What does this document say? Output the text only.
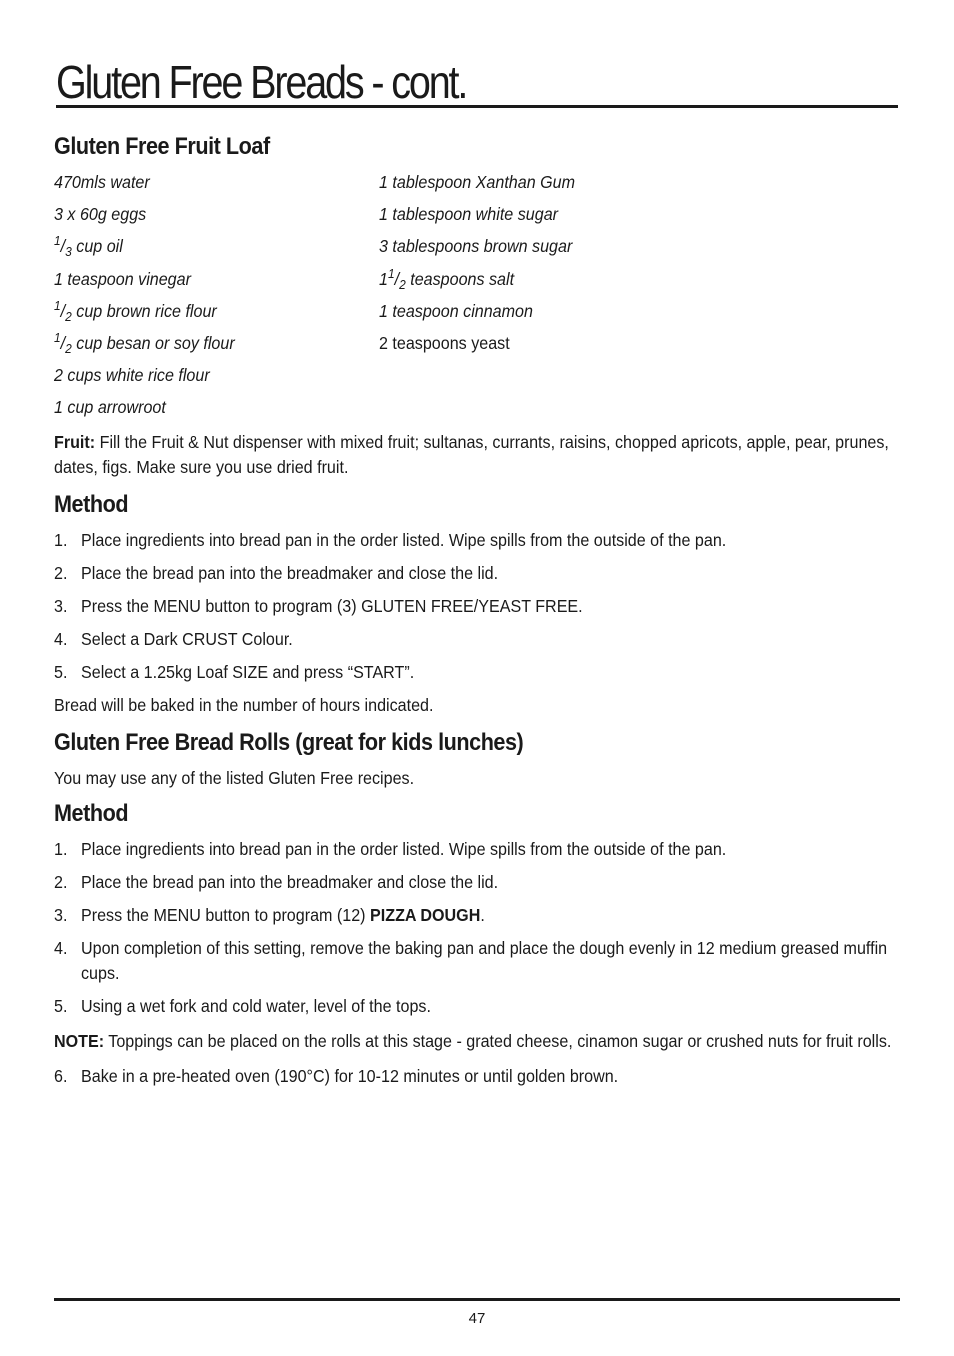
Gluten Free Breads - cont.
Gluten Free Fruit Loaf
470mls water
3 x 60g eggs
$^1/_3$ cup oil
1 teaspoon vinegar
$^1/_2$ cup brown rice flour
$^1/_2$ cup besan or soy flour
2 cups white rice flour
1 cup arrowroot
1 tablespoon Xanthan Gum
1 tablespoon white sugar
3 tablespoons brown sugar
$1^1/_2$ teaspoons salt
1 teaspoon cinnamon
2 teaspoons yeast
Fruit: Fill the Fruit & Nut dispenser with mixed fruit; sultanas, currants, raisins, chopped apricots, apple, pear, prunes, dates, figs. Make sure you use dried fruit.
Method
1. Place ingredients into bread pan in the order listed. Wipe spills from the outside of the pan.
2. Place the bread pan into the breadmaker and close the lid.
3. Press the MENU button to program (3) GLUTEN FREE/YEAST FREE.
4. Select a Dark CRUST Colour.
5. Select a 1.25kg Loaf SIZE and press “START”.
Bread will be baked in the number of hours indicated.
Gluten Free Bread Rolls (great for kids lunches)
You may use any of the listed Gluten Free recipes.
Method
1. Place ingredients into bread pan in the order listed. Wipe spills from the outside of the pan.
2. Place the bread pan into the breadmaker and close the lid.
3. Press the MENU button to program (12) PIZZA DOUGH.
4. Upon completion of this setting, remove the baking pan and place the dough evenly in 12 medium greased muffin cups.
5. Using a wet fork and cold water, level of the tops.
NOTE: Toppings can be placed on the rolls at this stage - grated cheese, cinamon sugar or crushed nuts for fruit rolls.
6. Bake in a pre-heated oven (190°C) for 10-12 minutes or until golden brown.
47
